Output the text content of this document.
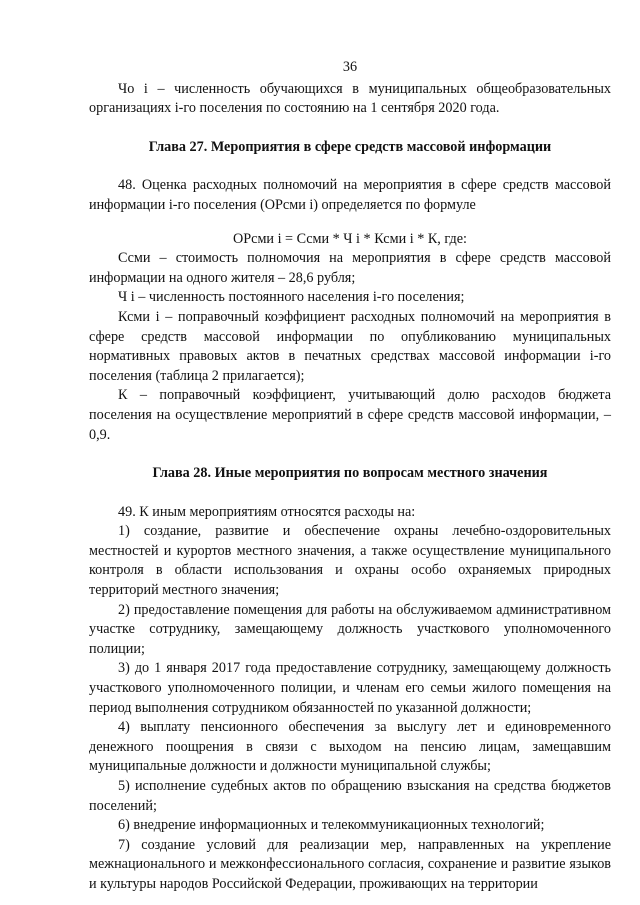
36

Чо i – численность обучающихся в муниципальных общеобразовательных организациях i-го поселения по состоянию на 1 сентября 2020 года.

Глава 27. Мероприятия в сфере средств массовой информации

48. Оценка расходных полномочий на мероприятия в сфере средств массовой информации i-го поселения (ОРсми i) определяется по формуле

ОРсми i = Ссми * Ч i * Ксми i * К, где:

Ссми – стоимость полномочия на мероприятия в сфере средств массовой информации на одного жителя – 28,6 рубля;

Ч i – численность постоянного населения i-го поселения;

Ксми i – поправочный коэффициент расходных полномочий на мероприятия в сфере средств массовой информации по опубликованию муниципальных нормативных правовых актов в печатных средствах массовой информации i-го поселения (таблица 2 прилагается);

К – поправочный коэффициент, учитывающий долю расходов бюджета поселения на осуществление мероприятий в сфере средств массовой информации, – 0,9.

Глава 28. Иные мероприятия по вопросам местного значения

49. К иным мероприятиям относятся расходы на:

1) создание, развитие и обеспечение охраны лечебно-оздоровительных местностей и курортов местного значения, а также осуществление муниципального контроля в области использования и охраны особо охраняемых природных территорий местного значения;

2) предоставление помещения для работы на обслуживаемом административном участке сотруднику, замещающему должность участкового уполномоченного полиции;

3) до 1 января 2017 года предоставление сотруднику, замещающему должность участкового уполномоченного полиции, и членам его семьи жилого помещения на период выполнения сотрудником обязанностей по указанной должности;

4) выплату пенсионного обеспечения за выслугу лет и единовременного денежного поощрения в связи с выходом на пенсию лицам, замещавшим муниципальные должности и должности муниципальной службы;

5) исполнение судебных актов по обращению взыскания на средства бюджетов поселений;

6) внедрение информационных и телекоммуникационных технологий;

7) создание условий для реализации мер, направленных на укрепление межнационального и межконфессионального согласия, сохранение и развитие языков и культуры народов Российской Федерации, проживающих на территории
